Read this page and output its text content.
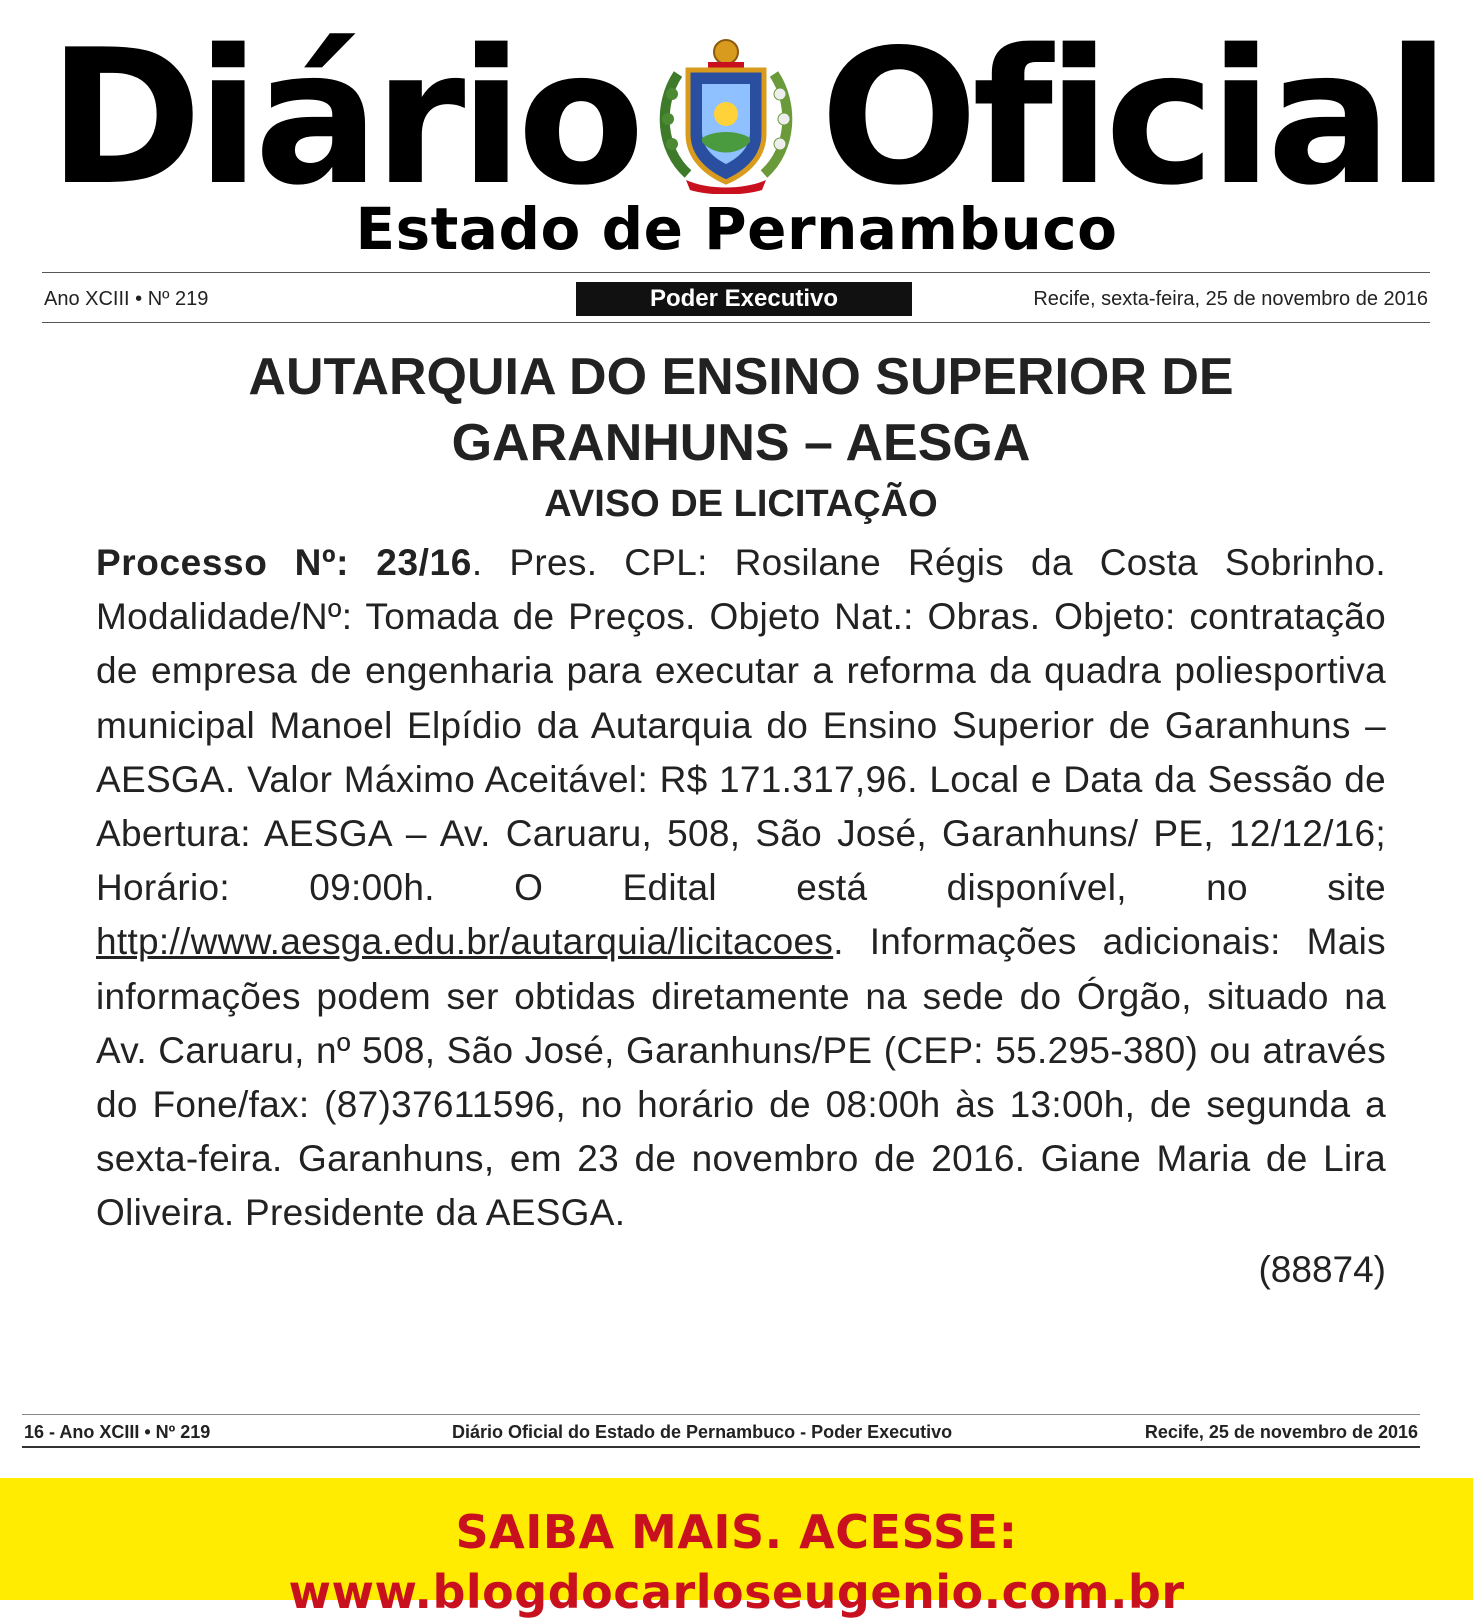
Diário Oficial
Estado de Pernambuco
Ano XCIII • Nº 219	Poder Executivo	Recife, sexta-feira, 25 de novembro de 2016
AUTARQUIA DO ENSINO SUPERIOR DE GARANHUNS – AESGA
AVISO DE LICITAÇÃO
Processo Nº: 23/16. Pres. CPL: Rosilane Régis da Costa Sobrinho. Modalidade/Nº: Tomada de Preços. Objeto Nat.: Obras. Objeto: contratação de empresa de engenharia para executar a reforma da quadra poliesportiva municipal Manoel Elpídio da Autarquia do Ensino Superior de Garanhuns – AESGA. Valor Máximo Aceitável: R$ 171.317,96. Local e Data da Sessão de Abertura: AESGA – Av. Caruaru, 508, São José, Garanhuns/ PE, 12/12/16; Horário: 09:00h. O Edital está disponível, no site http://www.aesga.edu.br/autarquia/licitacoes. Informações adicionais: Mais informações podem ser obtidas diretamente na sede do Órgão, situado na Av. Caruaru, nº 508, São José, Garanhuns/PE (CEP: 55.295-380) ou através do Fone/fax: (87)37611596, no horário de 08:00h às 13:00h, de segunda a sexta-feira. Garanhuns, em 23 de novembro de 2016. Giane Maria de Lira Oliveira. Presidente da AESGA.
(88874)
16 - Ano XCIII • Nº 219	Diário Oficial do Estado de Pernambuco - Poder Executivo	Recife, 25 de novembro de 2016
SAIBA MAIS. ACESSE: www.blogdocarloseugenio.com.br
